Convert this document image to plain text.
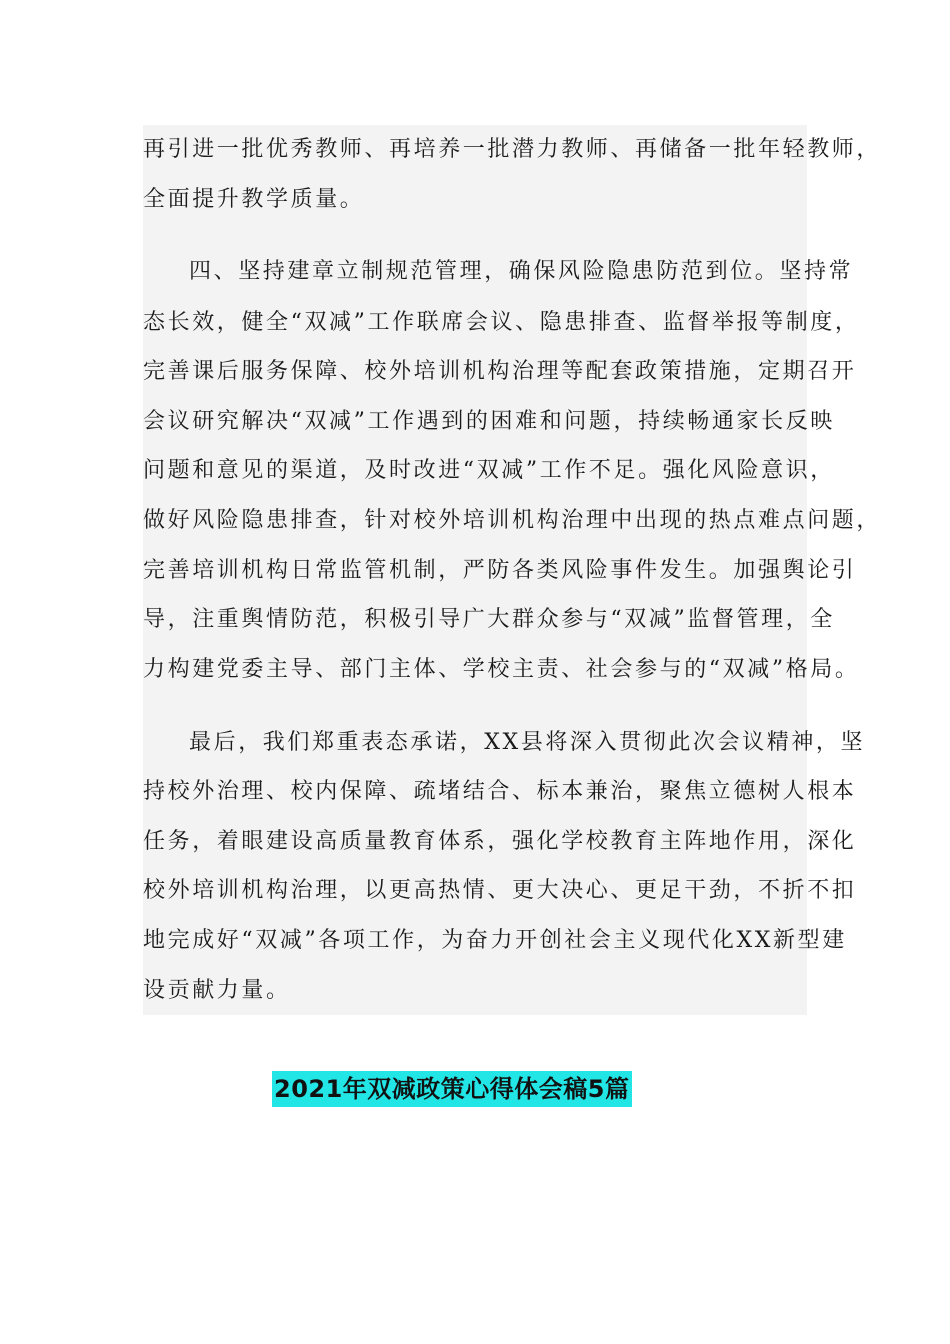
再引进一批优秀教师、再培养一批潜力教师、再储备一批年轻教师，
全面提升教学质量。
四、坚持建章立制规范管理，确保风险隐患防范到位。坚持常
态长效，健全“双减”工作联席会议、隐患排查、监督举报等制度，
完善课后服务保障、校外培训机构治理等配套政策措施，定期召开
会议研究解决“双减”工作遇到的困难和问题，持续畅通家长反映
问题和意见的渠道，及时改进“双减”工作不足。强化风险意识，
做好风险隐患排查，针对校外培训机构治理中出现的热点难点问题，
完善培训机构日常监管机制，严防各类风险事件发生。加强舆论引
导，注重舆情防范，积极引导广大群众参与“双减”监督管理，全
力构建党委主导、部门主体、学校主责、社会参与的“双减”格局。
最后，我们郑重表态承诺，XX县将深入贯彻此次会议精神，坚
持校外治理、校内保障、疏堵结合、标本兼治，聚焦立德树人根本
任务，着眼建设高质量教育体系，强化学校教育主阵地作用，深化
校外培训机构治理，以更高热情、更大决心、更足干劲，不折不扣
地完成好“双减”各项工作，为奋力开创社会主义现代化XX新型建
设贡献力量。
2021年双减政策心得体会稿5篇
